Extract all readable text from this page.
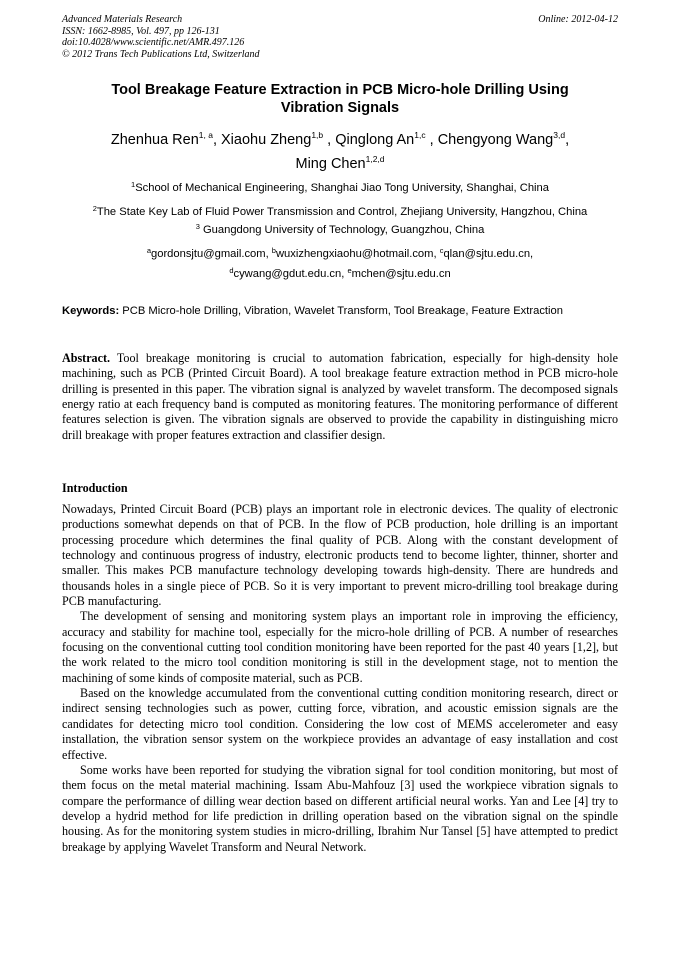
Advanced Materials Research
ISSN: 1662-8985, Vol. 497, pp 126-131
doi:10.4028/www.scientific.net/AMR.497.126
© 2012 Trans Tech Publications Ltd, Switzerland
Online: 2012-04-12
Tool Breakage Feature Extraction in PCB Micro-hole Drilling Using
Vibration Signals
Zhenhua Ren$^{1, a}$, Xiaohu Zheng$^{1,b}$ , Qinglong An$^{1,c}$ , Chengyong Wang$^{3,d}$,
Ming Chen$^{1,2,d}$
$^1$School of Mechanical Engineering, Shanghai Jiao Tong University, Shanghai, China
$^2$The State Key Lab of Fluid Power Transmission and Control, Zhejiang University, Hangzhou, China
$^3$ Guangdong University of Technology, Guangzhou, China
$^a$gordonsjtu@gmail.com, $^b$wuxizhengxiaohu@hotmail.com, $^c$qlan@sjtu.edu.cn,
$^d$cywang@gdut.edu.cn, $^e$mchen@sjtu.edu.cn
Keywords: PCB Micro-hole Drilling, Vibration, Wavelet Transform, Tool Breakage, Feature Extraction

Abstract. Tool breakage monitoring is crucial to automation fabrication, especially for high-density hole machining, such as PCB (Printed Circuit Board). A tool breakage feature extraction method in PCB micro-hole drilling is presented in this paper. The vibration signal is analyzed by wavelet transform. The decomposed signals energy ratio at each frequency band is computed as monitoring features. The monitoring performance of different features selection is given. The vibration signals are observed to provide the capability in distinguishing micro drill breakage with proper features extraction and classifier design.

Introduction

Nowadays, Printed Circuit Board (PCB) plays an important role in electronic devices. The quality of electronic productions somewhat depends on that of PCB. In the flow of PCB production, hole drilling is an important processing procedure which determines the final quality of PCB. Along with the constant development of technology and continuous progress of industry, electronic products tend to become lighter, thinner, shorter and smaller. This makes PCB manufacture technology developing towards high-density. There are hundreds and thousands holes in a single piece of PCB. So it is very important to prevent micro-drilling tool breakage during PCB manufacturing.

The development of sensing and monitoring system plays an important role in improving the efficiency, accuracy and stability for machine tool, especially for the micro-hole drilling of PCB. A number of researches focusing on the conventional cutting tool condition monitoring have been reported for the past 40 years [1,2], but the work related to the micro tool condition monitoring is still in the development stage, not to mention the machining of some kinds of composite material, such as PCB.

Based on the knowledge accumulated from the conventional cutting condition monitoring research, direct or indirect sensing technologies such as power, cutting force, vibration, and acoustic emission signals are the candidates for detecting micro tool condition. Considering the low cost of MEMS accelerometer and easy installation, the vibration sensor system on the workpiece provides an advantage of easy installation and cost effective.

Some works have been reported for studying the vibration signal for tool condition monitoring, but most of them focus on the metal material machining. Issam Abu-Mahfouz [3] used the workpiece vibration signals to compare the performance of dilling wear dection based on different artificial neural works. Yan and Lee [4] try to develop a hydrid method for life prediction in drilling operation based on the vibration signal on the spindle housing. As for the monitoring system studies in micro-drilling, Ibrahim Nur Tansel [5] have attempted to predict breakage by applying Wavelet Transform and Neural Network.
